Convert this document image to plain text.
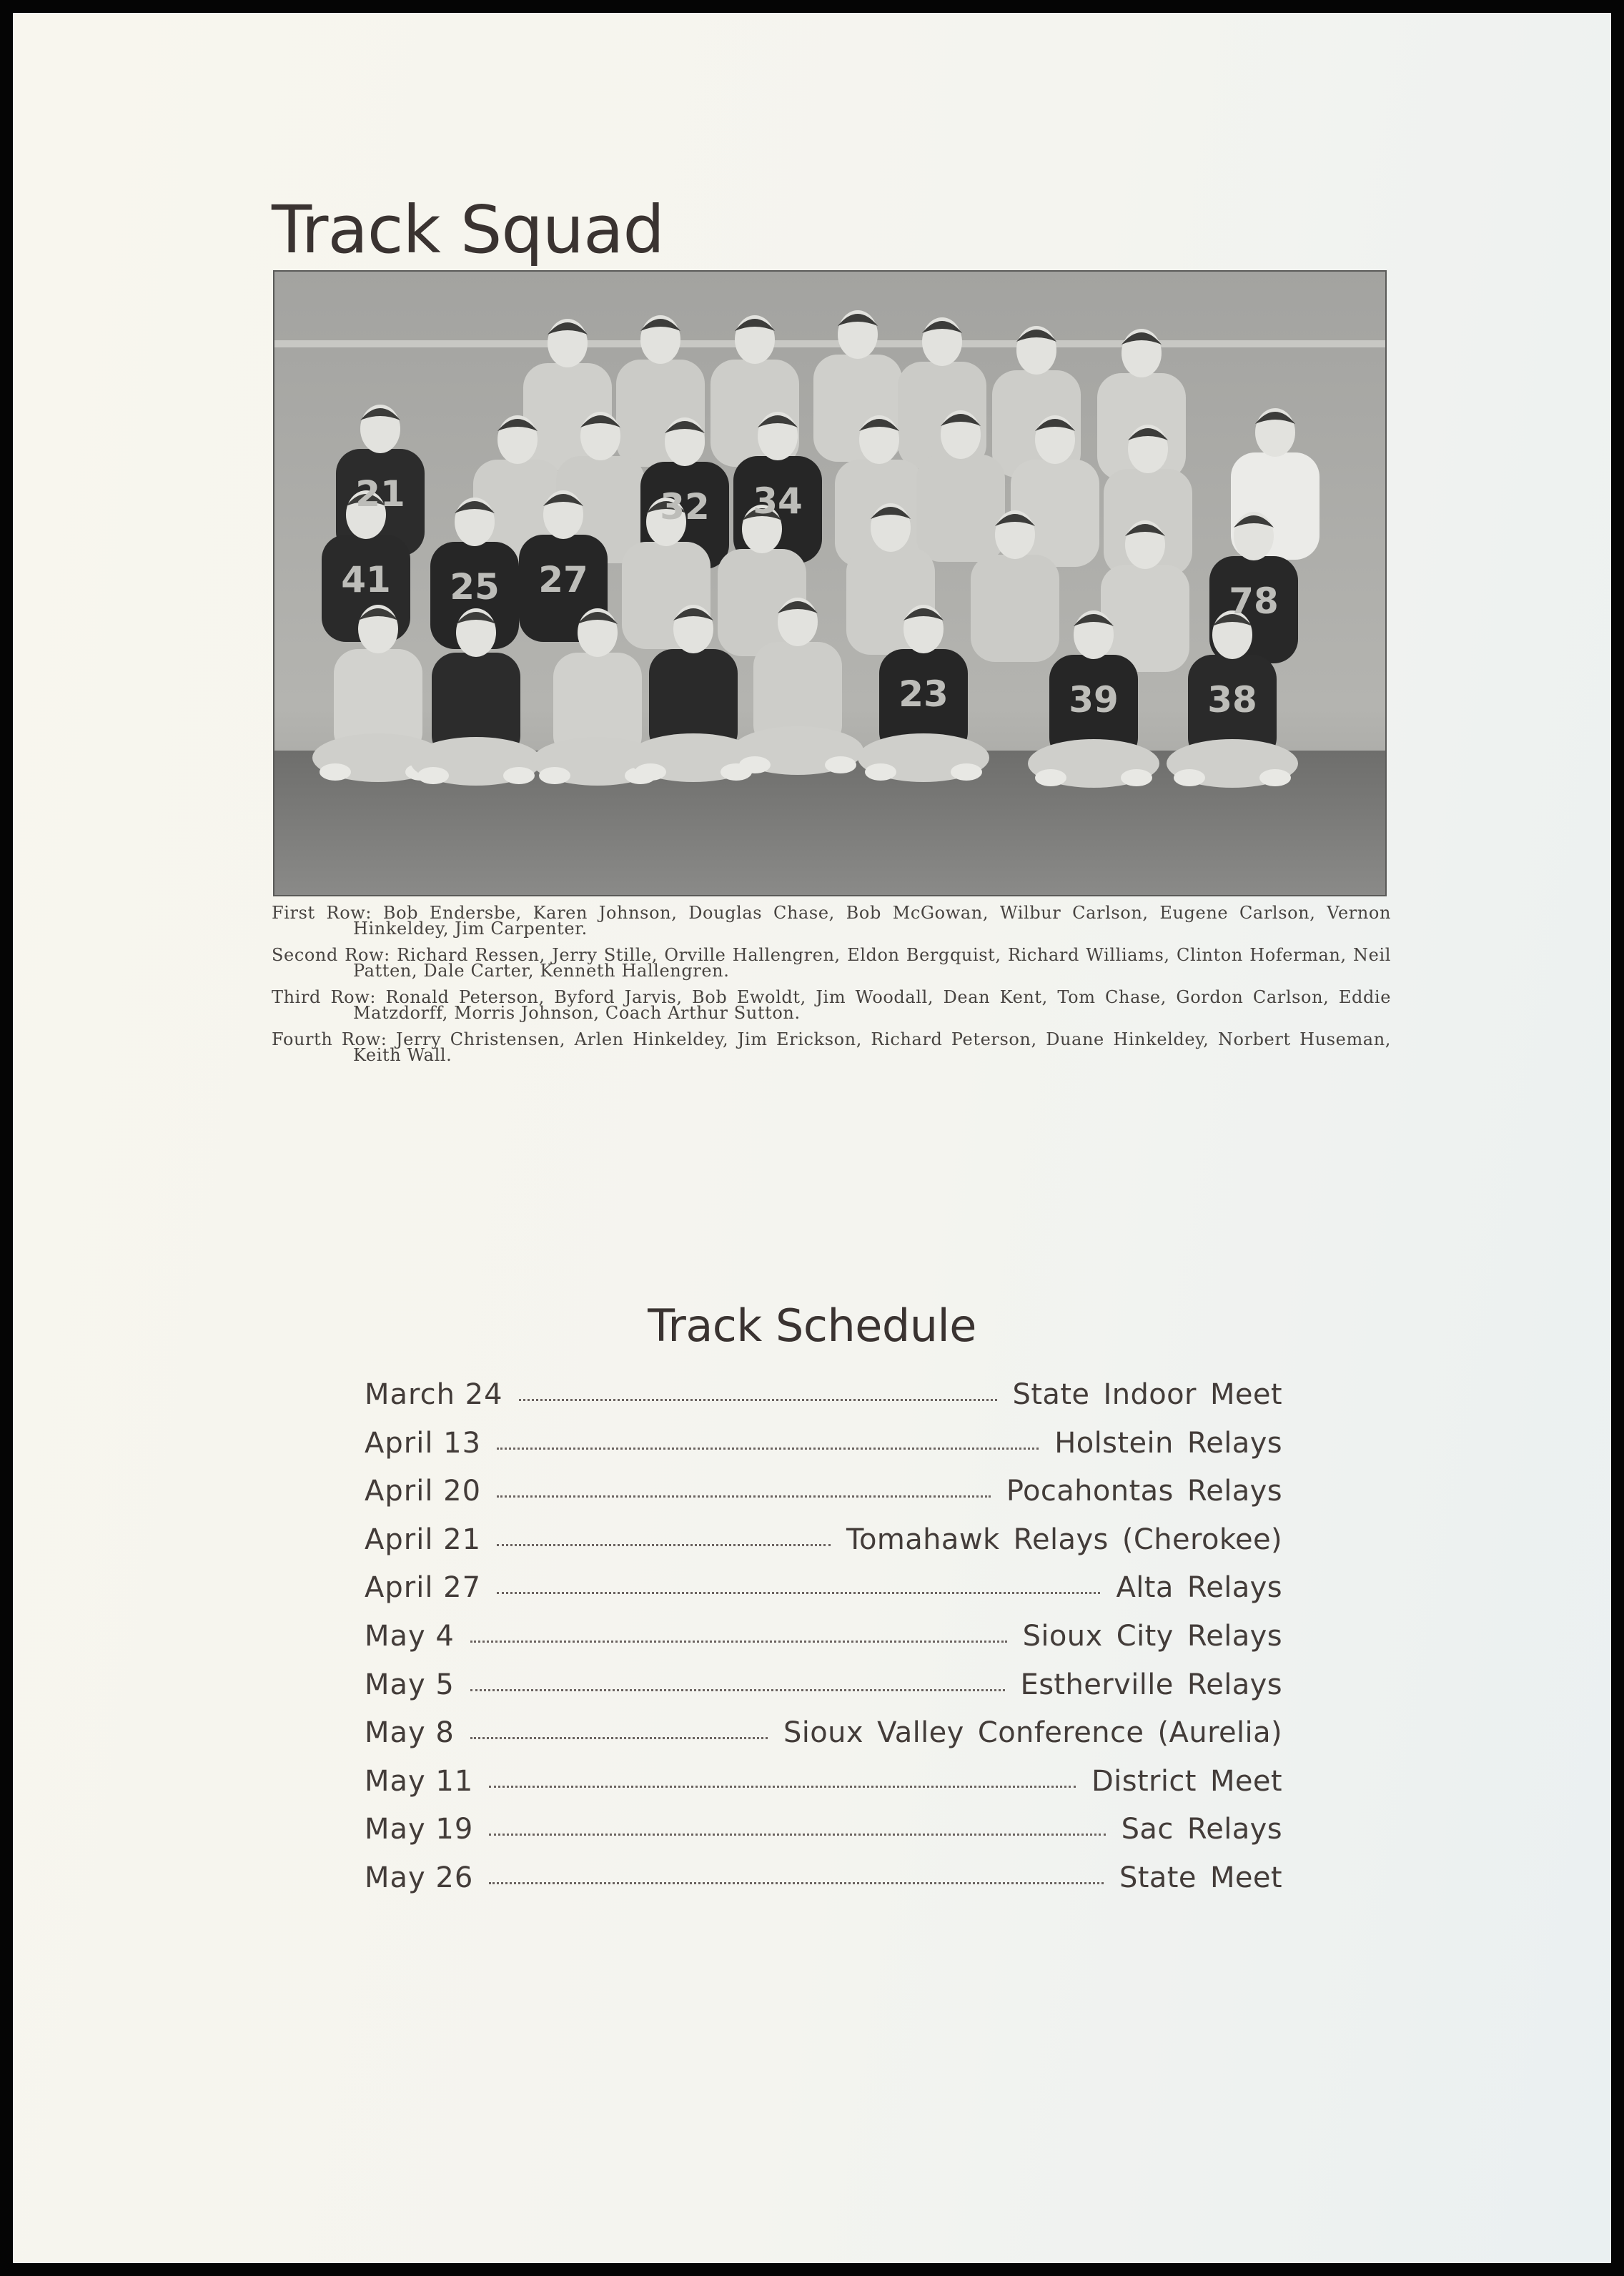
Track Squad
21	32 34
41 25 27
78
23	39 38

First Row: Bob Endersbe, Karen Johnson, Douglas Chase, Bob McGowan, Wilbur Carlson, Eugene Carlson, Vernon Hinkeldey, Jim Carpenter.

Second Row: Richard Ressen, Jerry Stille, Orville Hallengren, Eldon Bergquist, Richard Williams, Clinton Hoferman, Neil Patten, Dale Carter, Kenneth Hallengren.

Third Row: Ronald Peterson, Byford Jarvis, Bob Ewoldt, Jim Woodall, Dean Kent, Tom Chase, Gordon Carlson, Eddie Matzdorff, Morris Johnson, Coach Arthur Sutton.

Fourth Row: Jerry Christensen, Arlen Hinkeldey, Jim Erickson, Richard Peterson, Duane Hinkeldey, Norbert Huseman, Keith Wall.

Track Schedule
March 24	State Indoor Meet
April 13	Holstein Relays
April 20	Pocahontas Relays
April 21	Tomahawk Relays (Cherokee)
April 27	Alta Relays
May 4	Sioux City Relays
May 5	Estherville Relays
May 8	Sioux Valley Conference (Aurelia)
May 11	District Meet
May 19	Sac Relays
May 26	State Meet
